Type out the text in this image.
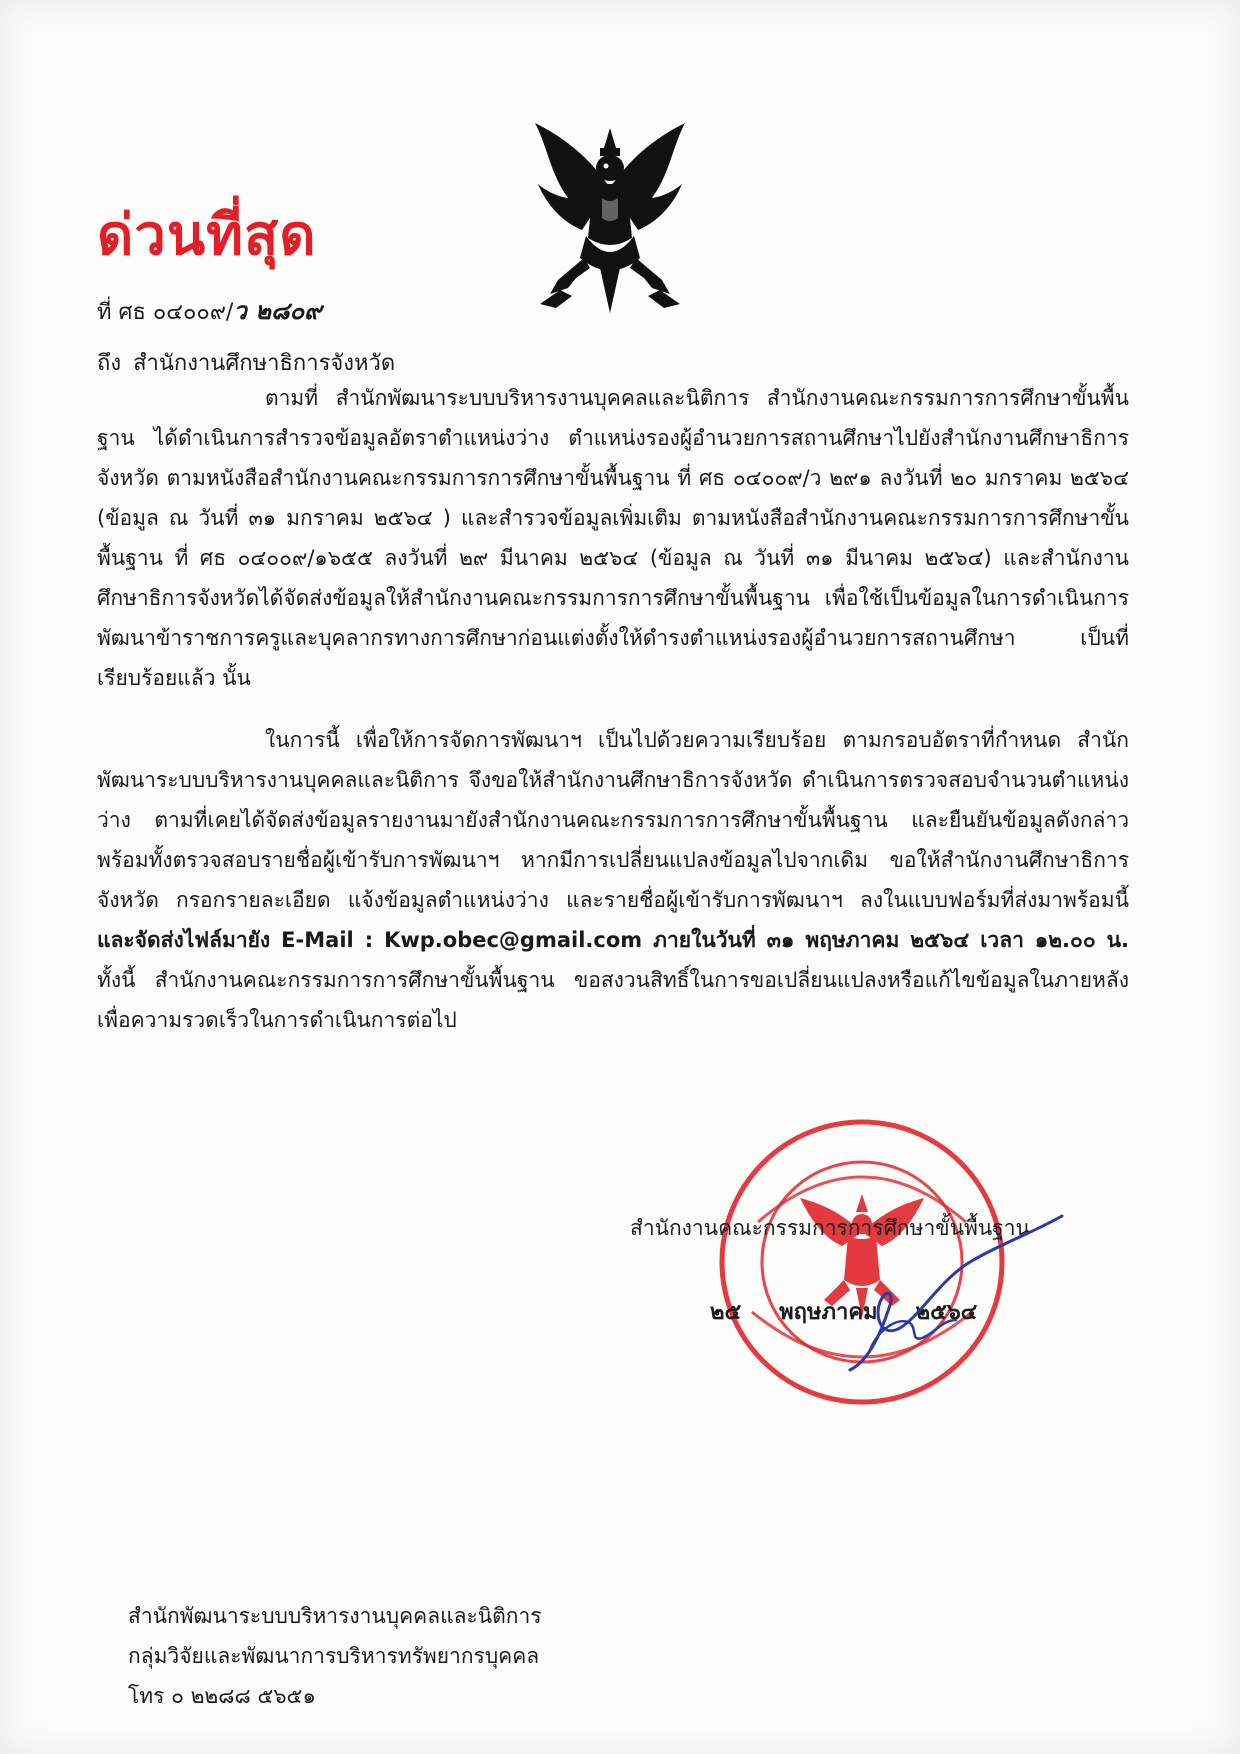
ด่วนที่สุด
ที่ ศธ ๐๔๐๐๙/ว ๒๘๐๙
ถึง สำนักงานศึกษาธิการจังหวัด

ตามที่ สำนักพัฒนาระบบบริหารงานบุคคลและนิติการ สำนักงานคณะกรรมการการศึกษาขั้นพื้นฐาน ได้ดำเนินการสำรวจข้อมูลอัตราตำแหน่งว่าง ตำแหน่งรองผู้อำนวยการสถานศึกษาไปยังสำนักงานศึกษาธิการจังหวัด ตามหนังสือสำนักงานคณะกรรมการการศึกษาขั้นพื้นฐาน ที่ ศธ ๐๔๐๐๙/ว ๒๙๑ ลงวันที่ ๒๐ มกราคม ๒๕๖๔ (ข้อมูล ณ วันที่ ๓๑ มกราคม ๒๕๖๔ ) และสำรวจข้อมูลเพิ่มเติม ตามหนังสือสำนักงานคณะกรรมการการศึกษาขั้นพื้นฐาน ที่ ศธ ๐๔๐๐๙/๑๖๕๕ ลงวันที่ ๒๙ มีนาคม ๒๕๖๔ (ข้อมูล ณ วันที่ ๓๑ มีนาคม ๒๕๖๔) และสำนักงานศึกษาธิการจังหวัดได้จัดส่งข้อมูลให้สำนักงานคณะกรรมการการศึกษาขั้นพื้นฐาน เพื่อใช้เป็นข้อมูลในการดำเนินการพัฒนาข้าราชการครูและบุคลากรทางการศึกษาก่อนแต่งตั้งให้ดำรงตำแหน่งรองผู้อำนวยการสถานศึกษา เป็นที่เรียบร้อยแล้ว นั้น

ในการนี้ เพื่อให้การจัดการพัฒนาฯ เป็นไปด้วยความเรียบร้อย ตามกรอบอัตราที่กำหนด สำนักพัฒนาระบบบริหารงานบุคคลและนิติการ จึงขอให้สำนักงานศึกษาธิการจังหวัด ดำเนินการตรวจสอบจำนวนตำแหน่งว่าง ตามที่เคยได้จัดส่งข้อมูลรายงานมายังสำนักงานคณะกรรมการการศึกษาขั้นพื้นฐาน และยืนยันข้อมูลดังกล่าว พร้อมทั้งตรวจสอบรายชื่อผู้เข้ารับการพัฒนาฯ หากมีการเปลี่ยนแปลงข้อมูลไปจากเดิม ขอให้สำนักงานศึกษาธิการจังหวัด กรอกรายละเอียด แจ้งข้อมูลตำแหน่งว่าง และรายชื่อผู้เข้ารับการพัฒนาฯ ลงในแบบฟอร์มที่ส่งมาพร้อมนี้ และจัดส่งไฟล์มายัง E-Mail : Kwp.obec@gmail.com ภายในวันที่ ๓๑ พฤษภาคม ๒๕๖๔ เวลา ๑๒.๐๐ น. ทั้งนี้ สำนักงานคณะกรรมการการศึกษาขั้นพื้นฐาน ขอสงวนสิทธิ์ในการขอเปลี่ยนแปลงหรือแก้ไขข้อมูลในภายหลัง เพื่อความรวดเร็วในการดำเนินการต่อไป

สำนักงานคณะกรรมการการศึกษาขั้นพื้นฐาน
๒๕ พฤษภาคม ๒๕๖๔
สำนักพัฒนาระบบบริหารงานบุคคลและนิติการ
กลุ่มวิจัยและพัฒนาการบริหารทรัพยากรบุคคล
โทร ๐ ๒๒๘๘ ๕๖๕๑
